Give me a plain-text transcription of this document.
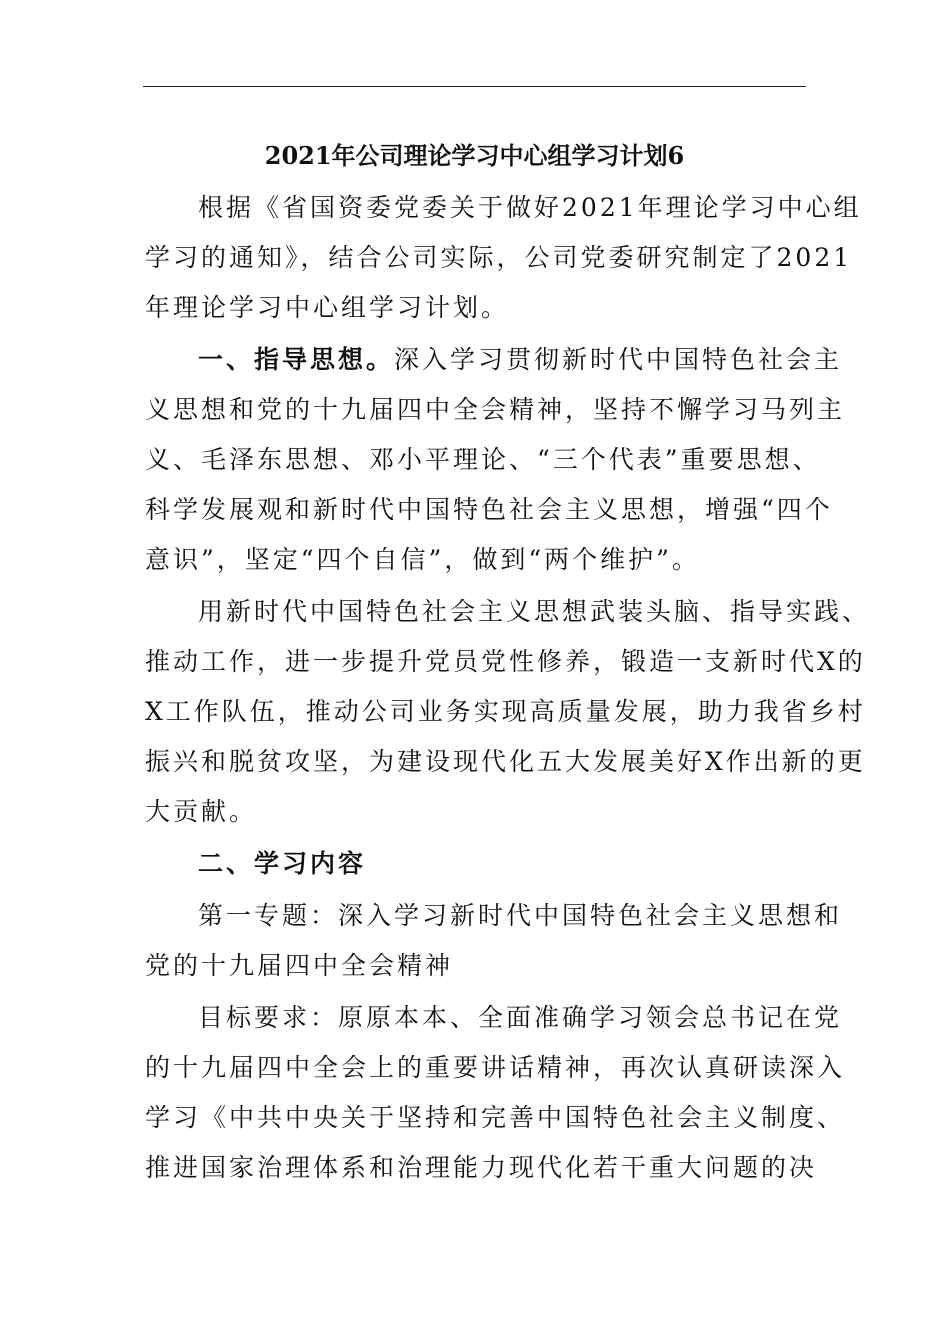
2021年公司理论学习中心组学习计划6
根据《省国资委党委关于做好2021年理论学习中心组
学习的通知》，结合公司实际，公司党委研究制定了2021
年理论学习中心组学习计划。
一、指导思想。深入学习贯彻新时代中国特色社会主
义思想和党的十九届四中全会精神，坚持不懈学习马列主
义、毛泽东思想、邓小平理论、“三个代表”重要思想、
科学发展观和新时代中国特色社会主义思想，增强“四个
意识”，坚定“四个自信”，做到“两个维护”。
用新时代中国特色社会主义思想武装头脑、指导实践、
推动工作，进一步提升党员党性修养，锻造一支新时代X的
X工作队伍，推动公司业务实现高质量发展，助力我省乡村
振兴和脱贫攻坚，为建设现代化五大发展美好X作出新的更
大贡献。
二、学习内容
第一专题：深入学习新时代中国特色社会主义思想和
党的十九届四中全会精神
目标要求：原原本本、全面准确学习领会总书记在党
的十九届四中全会上的重要讲话精神，再次认真研读深入
学习《中共中央关于坚持和完善中国特色社会主义制度、
推进国家治理体系和治理能力现代化若干重大问题的决
